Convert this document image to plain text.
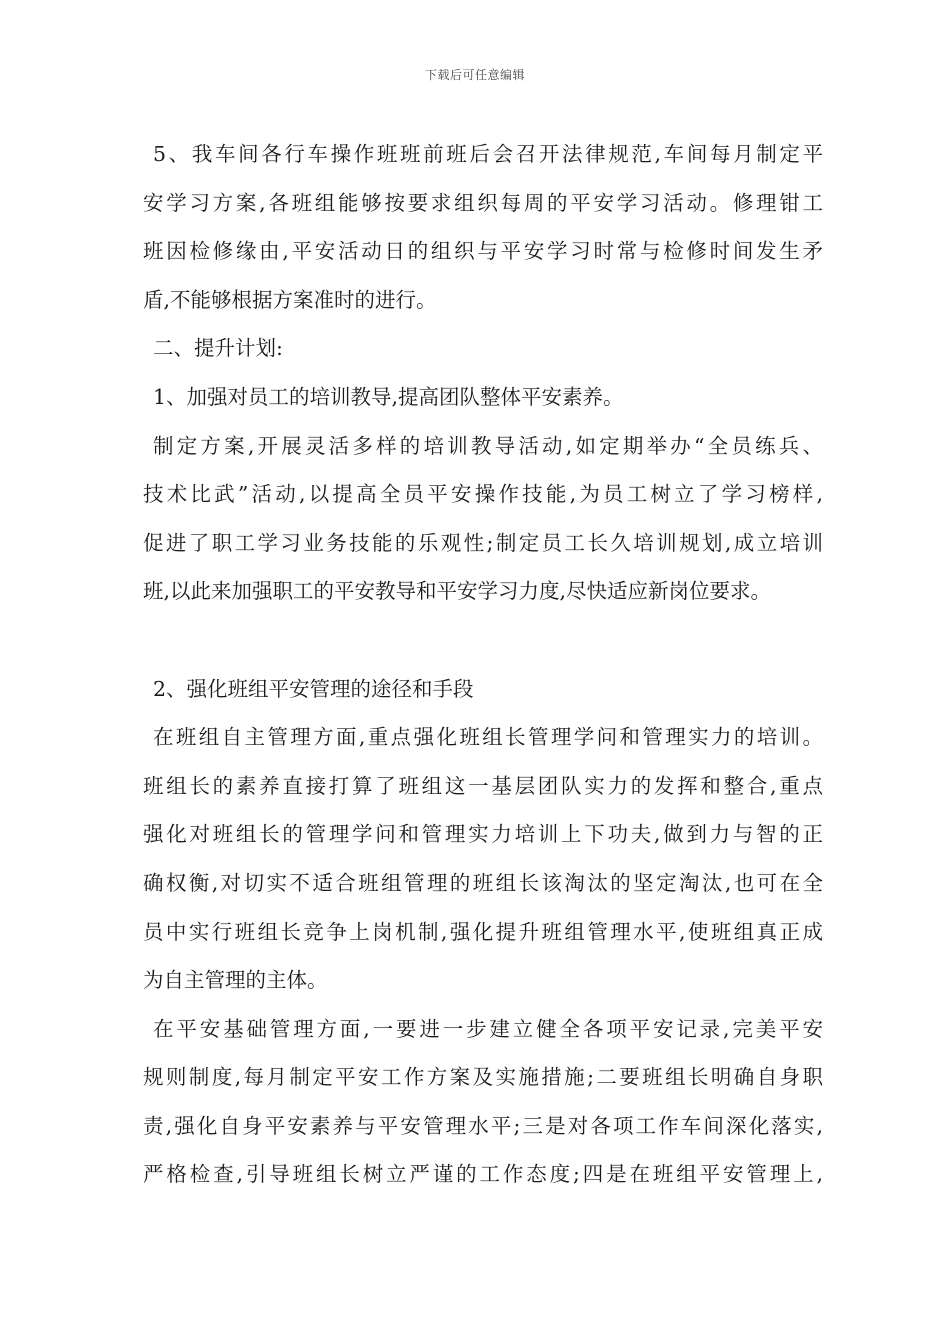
下载后可任意编辑
5、我车间各行车操作班班前班后会召开法律规范,车间每月制定平
安学习方案,各班组能够按要求组织每周的平安学习活动。修理钳工
班因检修缘由,平安活动日的组织与平安学习时常与检修时间发生矛
盾,不能够根据方案准时的进行。
二、提升计划:
1、加强对员工的培训教导,提高团队整体平安素养。
制定方案,开展灵活多样的培训教导活动,如定期举办“全员练兵、
技术比武”活动,以提高全员平安操作技能,为员工树立了学习榜样,
促进了职工学习业务技能的乐观性;制定员工长久培训规划,成立培训
班,以此来加强职工的平安教导和平安学习力度,尽快适应新岗位要求。
2、强化班组平安管理的途径和手段
在班组自主管理方面,重点强化班组长管理学问和管理实力的培训。
班组长的素养直接打算了班组这一基层团队实力的发挥和整合,重点
强化对班组长的管理学问和管理实力培训上下功夫,做到力与智的正
确权衡,对切实不适合班组管理的班组长该淘汰的坚定淘汰,也可在全
员中实行班组长竞争上岗机制,强化提升班组管理水平,使班组真正成
为自主管理的主体。
在平安基础管理方面,一要进一步建立健全各项平安记录,完美平安
规则制度,每月制定平安工作方案及实施措施;二要班组长明确自身职
责,强化自身平安素养与平安管理水平;三是对各项工作车间深化落实,
严格检查,引导班组长树立严谨的工作态度;四是在班组平安管理上,
